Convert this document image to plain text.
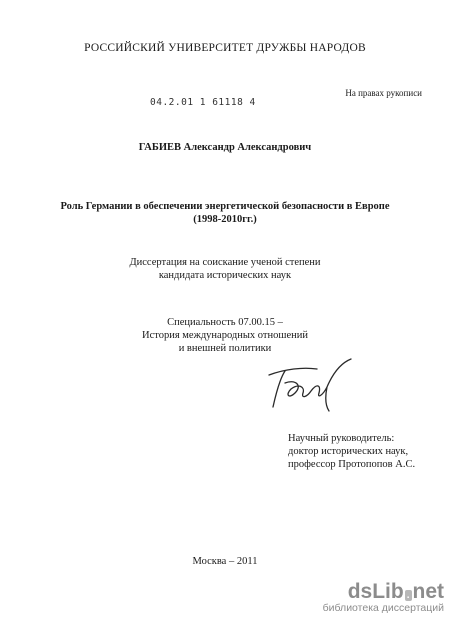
РОССИЙСКИЙ УНИВЕРСИТЕТ ДРУЖБЫ НАРОДОВ
На правах рукописи
04.2.01 1 61118 4
ГАБИЕВ Александр Александрович
Роль Германии в обеспечении энергетической безопасности в Европе
(1998-2010гг.)
Диссертация на соискание ученой степени
кандидата исторических наук
Специальность 07.00.15 –
История международных отношений
и внешней политики
Научный руководитель:
доктор исторических наук,
профессор Протопопов А.С.
Москва – 2011
dsLib . net
библиотека диссертаций
